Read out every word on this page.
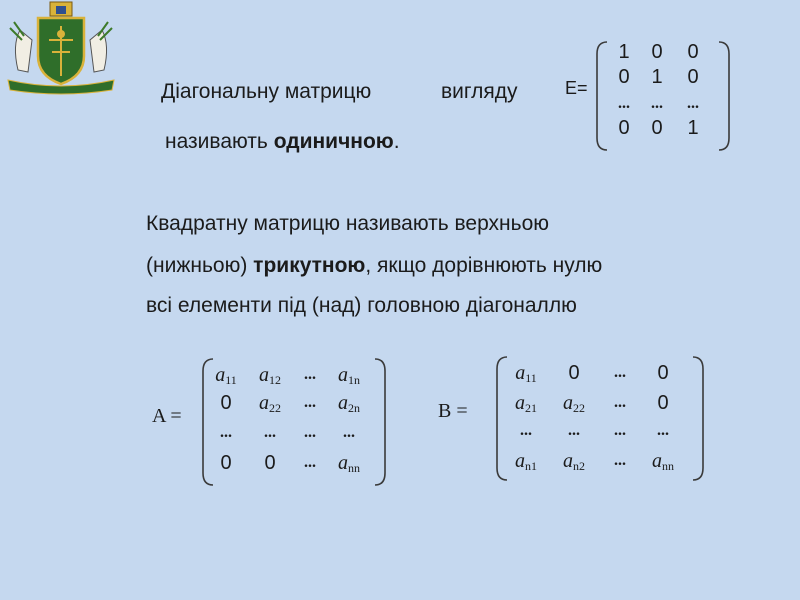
Діагональну матрицю	вигляду
називають одиничною.
Квадратну матрицю називають верхньою
(нижньою) трикутною, якщо дорівнюють нулю
всі елементи під (над) головною діагоналлю
E=
1	0	0
0	1	0
...	...	...
0	0	1
A =
$a_{11}$	$a_{12}$	...	$a_{1n}$
0	$a_{22}$	...	$a_{2n}$
...	...	...	...
0	0	...	$a_{nn}$
B =
$a_{11}$	0	...	0
$a_{21}$	$a_{22}$	...	0
...	...	...	...
$a_{n1}$	$a_{n2}$	...	$a_{nn}$
